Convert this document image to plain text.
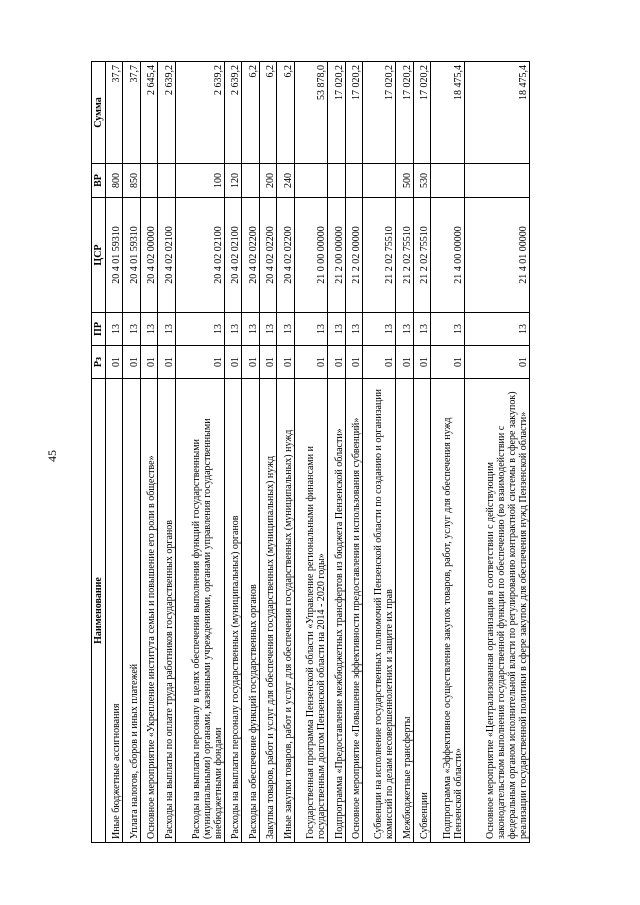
45
Наименование	Рз	ПР	ЦСР	ВР	Сумма
Иные бюджетные ассигнования	01	13	20 4 01 59310	800	37,7
Уплата налогов, сборов и иных платежей	01	13	20 4 01 59310	850	37,7
Основное мероприятие «Укрепление института семьи и повышение его роли в обществе»	01	13	20 4 02 00000		2 645,4
Расходы на выплаты по оплате труда работников государственных органов	01	13	20 4 02 02100		2 639,2
Расходы на выплаты персоналу в целях обеспечения выполнения функций государственными (муниципальными) органами, казенными учреждениями, органами управления государственными внебюджетными фондами	01	13	20 4 02 02100	100	2 639,2
Расходы на выплаты персоналу государственных (муниципальных) органов	01	13	20 4 02 02100	120	2 639,2
Расходы на обеспечение функций государственных органов	01	13	20 4 02 02200		6,2
Закупка товаров, работ и услуг для обеспечения государственных (муниципальных) нужд	01	13	20 4 02 02200	200	6,2
Иные закупки товаров, работ и услуг для обеспечения государственных (муниципальных) нужд	01	13	20 4 02 02200	240	6,2
Государственная программа Пензенской области «Управление региональными финансами и государственным долгом Пензенской области на 2014 - 2020 годы»	01	13	21 0 00 00000		53 878,0
Подпрограмма «Предоставление межбюджетных трансфертов из бюджета Пензенской области»	01	13	21 2 00 00000		17 020,2
Основное мероприятие «Повышение эффективности предоставления и использования субвенций»	01	13	21 2 02 00000		17 020,2
Субвенции на исполнение государственных полномочий Пензенской области по созданию и организации комиссий по делам несовершеннолетних и защите их прав	01	13	21 2 02 75510		17 020,2
Межбюджетные трансферты	01	13	21 2 02 75510	500	17 020,2
Субвенции	01	13	21 2 02 75510	530	17 020,2
Подпрограмма «Эффективное осуществление закупок товаров, работ, услуг для обеспечения нужд Пензенской области»	01	13	21 4 00 00000		18 475,4
Основное мероприятие «Централизованная организация в соответствии с действующим законодательством выполнения государственной функции по обеспечению (во взаимодействии с федеральным органом исполнительной власти по регулированию контрактной системы в сфере закупок) реализации государственной политики в сфере закупок для обеспечения нужд Пензенской области»	01	13	21 4 01 00000		18 475,4
